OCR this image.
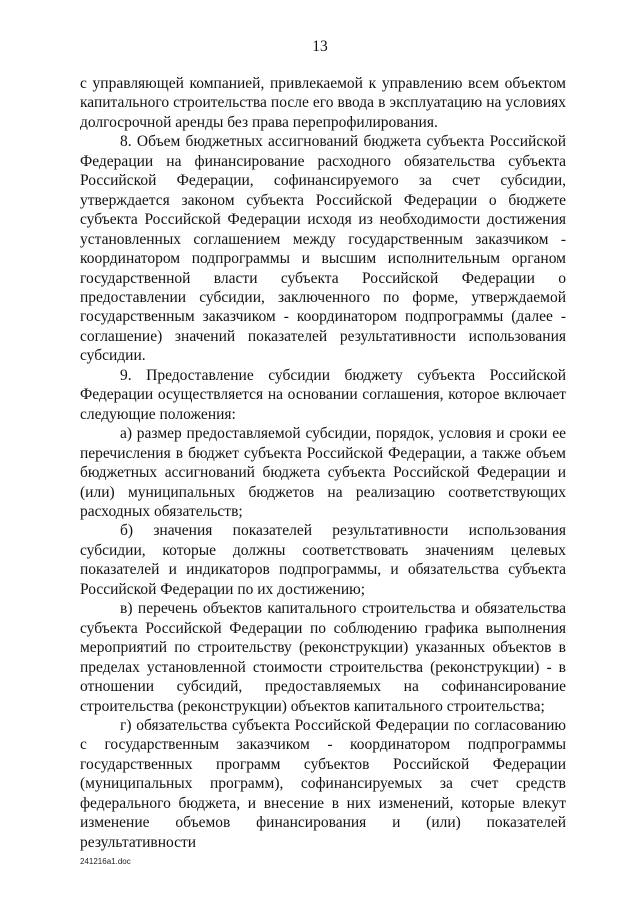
13

с управляющей компанией, привлекаемой к управлению всем объектом капитального строительства после его ввода в эксплуатацию на условиях долгосрочной аренды без права перепрофилирования.

8. Объем бюджетных ассигнований бюджета субъекта Российской Федерации на финансирование расходного обязательства субъекта Российской Федерации, софинансируемого за счет субсидии, утверждается законом субъекта Российской Федерации о бюджете субъекта Российской Федерации исходя из необходимости достижения установленных соглашением между государственным заказчиком - координатором подпрограммы и высшим исполнительным органом государственной власти субъекта Российской Федерации о предоставлении субсидии, заключенного по форме, утверждаемой государственным заказчиком - координатором подпрограммы (далее - соглашение) значений показателей результативности использования субсидии.

9. Предоставление субсидии бюджету субъекта Российской Федерации осуществляется на основании соглашения, которое включает следующие положения:

а) размер предоставляемой субсидии, порядок, условия и сроки ее перечисления в бюджет субъекта Российской Федерации, а также объем бюджетных ассигнований бюджета субъекта Российской Федерации и (или) муниципальных бюджетов на реализацию соответствующих расходных обязательств;

б) значения показателей результативности использования субсидии, которые должны соответствовать значениям целевых показателей и индикаторов подпрограммы, и обязательства субъекта Российской Федерации по их достижению;

в) перечень объектов капитального строительства и обязательства субъекта Российской Федерации по соблюдению графика выполнения мероприятий по строительству (реконструкции) указанных объектов в пределах установленной стоимости строительства (реконструкции) - в отношении субсидий, предоставляемых на софинансирование строительства (реконструкции) объектов капитального строительства;

г) обязательства субъекта Российской Федерации по согласованию с государственным заказчиком - координатором подпрограммы государственных программ субъектов Российской Федерации (муниципальных программ), софинансируемых за счет средств федерального бюджета, и внесение в них изменений, которые влекут изменение объемов финансирования и (или) показателей результативности

241216a1.doc
